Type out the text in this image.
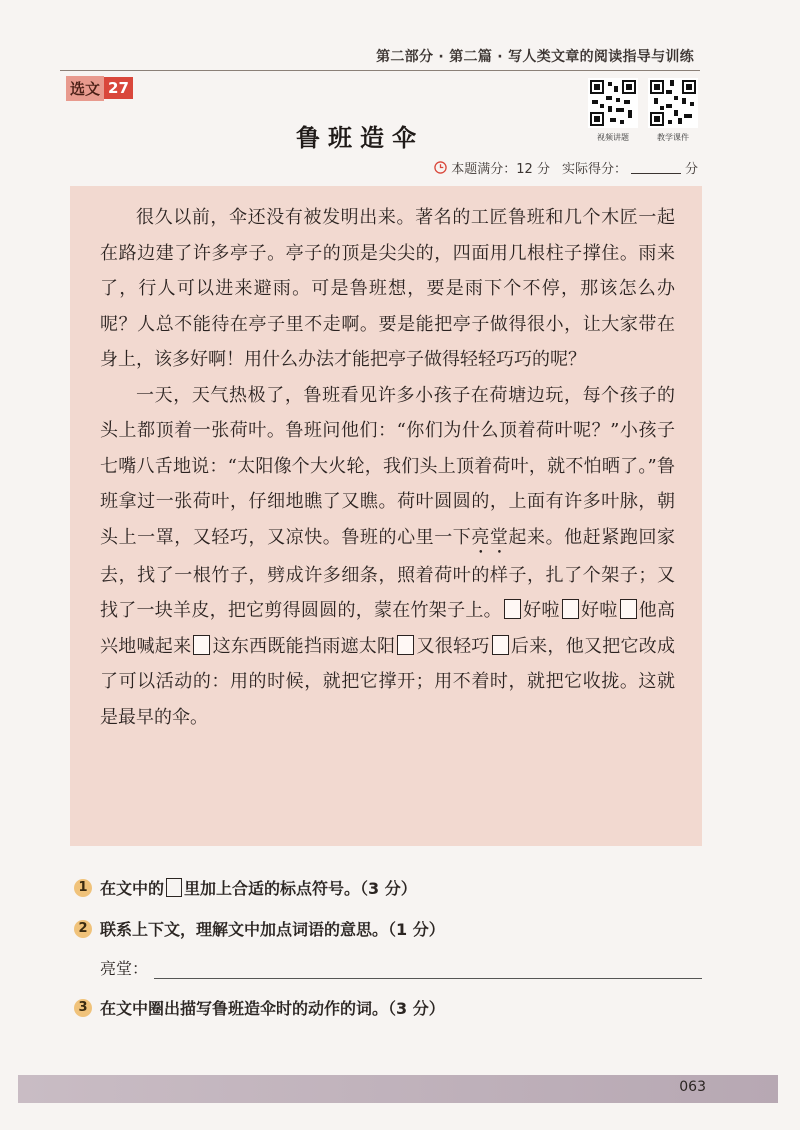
第二部分 · 第二篇 · 写人类文章的阅读指导与训练
选文 27
鲁班造伞	视频讲题	教学课件
本题满分：12 分 实际得分：	分

很久以前，伞还没有被发明出来。著名的工匠鲁班和几个木匠一起在路边建了许多亭子。亭子的顶是尖尖的，四面用几根柱子撑住。雨来了，行人可以进来避雨。可是鲁班想，要是雨下个不停，那该怎么办呢？人总不能待在亭子里不走啊。要是能把亭子做得很小，让大家带在身上，该多好啊！用什么办法才能把亭子做得轻轻巧巧的呢？

一天，天气热极了，鲁班看见许多小孩子在荷塘边玩，每个孩子的头上都顶着一张荷叶。鲁班问他们：“你们为什么顶着荷叶呢？”小孩子七嘴八舌地说：“太阳像个大火轮，我们头上顶着荷叶，就不怕晒了。”鲁班拿过一张荷叶，仔细地瞧了又瞧。荷叶圆圆的，上面有许多叶脉，朝头上一罩，又轻巧，又凉快。鲁班的心里一下亮堂起来。他赶紧跑回家去，找了一根竹子，劈成许多细条，照着荷叶的样子，扎了个架子；又找了一块羊皮，把它剪得圆圆的，蒙在竹架子上。 好啦 好啦 他高兴地喊起来 这东西既能挡雨遮太阳 又很轻巧 后来，他又把它改成了可以活动的：用的时候，就把它撑开；用不着时，就把它收拢。这就是最早的伞。

1 在文中的 里加上合适的标点符号。（3 分）
2 联系上下文，理解文中加点词语的意思。（1 分）
亮堂：
3 在文中圈出描写鲁班造伞时的动作的词。（3 分）
063
